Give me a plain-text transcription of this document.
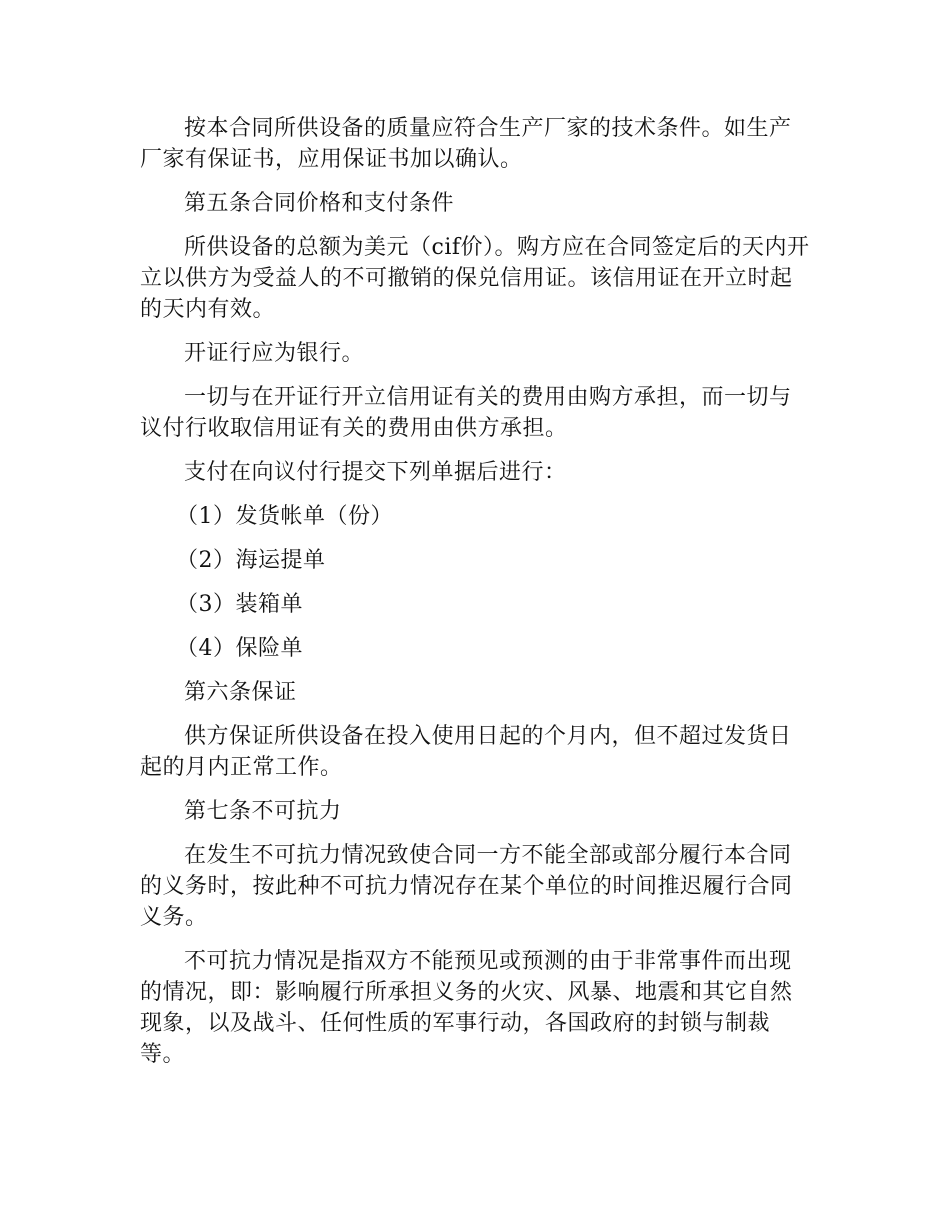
按本合同所供设备的质量应符合生产厂家的技术条件。如生产厂家有保证书，应用保证书加以确认。

第五条合同价格和支付条件

所供设备的总额为美元（cif价）。购方应在合同签定后的天内开立以供方为受益人的不可撤销的保兑信用证。该信用证在开立时起的天内有效。

开证行应为银行。

一切与在开证行开立信用证有关的费用由购方承担，而一切与议付行收取信用证有关的费用由供方承担。

支付在向议付行提交下列单据后进行：

（1）发货帐单（份）

（2）海运提单

（3）装箱单

（4）保险单

第六条保证

供方保证所供设备在投入使用日起的个月内，但不超过发货日起的月内正常工作。

第七条不可抗力

在发生不可抗力情况致使合同一方不能全部或部分履行本合同的义务时，按此种不可抗力情况存在某个单位的时间推迟履行合同义务。

不可抗力情况是指双方不能预见或预测的由于非常事件而出现的情况，即：影响履行所承担义务的火灾、风暴、地震和其它自然现象，以及战斗、任何性质的军事行动，各国政府的封锁与制裁等。
